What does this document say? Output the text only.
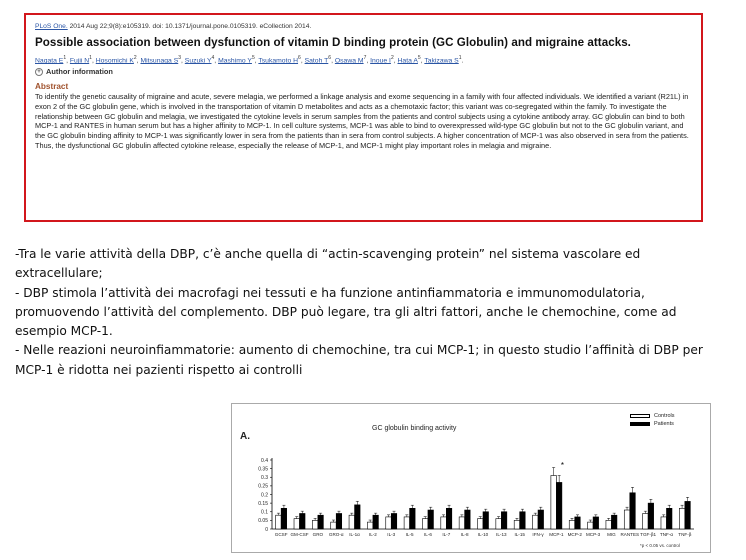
PLoS One. 2014 Aug 22;9(8):e105319. doi: 10.1371/journal.pone.0105319. eCollection 2014.
Possible association between dysfunction of vitamin D binding protein (GC Globulin) and migraine attacks.
Nagata $E^1$, Fujii $N^1$, Hosomichi $K^2$, Mitsunaga $S^3$, Suzuki $Y^4$, Mashimo $Y^5$, Tsukamoto $H^6$, Satoh $T^6$, Osawa $M^7$, Inoue $I^2$, Hata $A^5$, Takizawa $S^1$.
+ Author information
Abstract
To identify the genetic causality of migraine and acute, severe melagia, we performed a linkage analysis and exome sequencing in a family with four affected individuals. We identified a variant (R21L) in exon 2 of the GC globulin gene, which is involved in the transportation of vitamin D metabolites and acts as a chemotaxic factor; this variant was co-segregated within the family. To investigate the relationship between GC globulin and melagia, we investigated the cytokine levels in serum samples from the patients and control subjects using a cytokine antibody array. GC globulin can bind to both MCP-1 and RANTES in human serum but has a higher affinity to MCP-1. In cell culture systems, MCP-1 was able to bind to overexpressed wild-type GC globulin but not to the GC globulin variant, and the GC globulin binding affinity to MCP-1 was significantly lower in sera from the patients than in sera from control subjects. A higher concentration of MCP-1 was also observed in sera from the patients. Thus, the dysfunctional GC globulin affected cytokine release, especially the release of MCP-1, and MCP-1 might play important roles in melagia and migraine.

-Tra le varie attività della DBP, c’è anche quella di “actin-scavenging protein” nel sistema vascolare ed extracellulare;

- DBP stimola l’attività dei macrofagi nei tessuti e ha funzione antinfiammatoria e immunomodulatoria, promuovendo l’attività del complemento. DBP può legare, tra gli altri fattori, anche le chemochine, come ad esempio MCP-1.

- Nelle reazioni neuroinfiammatorie: aumento di chemochine, tra cui MCP-1; in questo studio l’affinità di DBP per MCP-1 è ridotta nei pazienti rispetto ai controlli

A.
GC globulin binding activity
Controls
Patients
0
0.05
0.1
0.15
0.2
0.25
0.3
0.35
0.4
GCSF GM-CSF GRO GRO-α IL-1α IL-2 IL-3 IL-5 IL-6 IL-7 IL-8 IL-10 IL-13 IL-15 IFN-γ MCP-1 MCP-2 MCP-3 MIG RANTES TGF-β1 TNF-α TNF-β
*
*p < 0.05 vs. control
